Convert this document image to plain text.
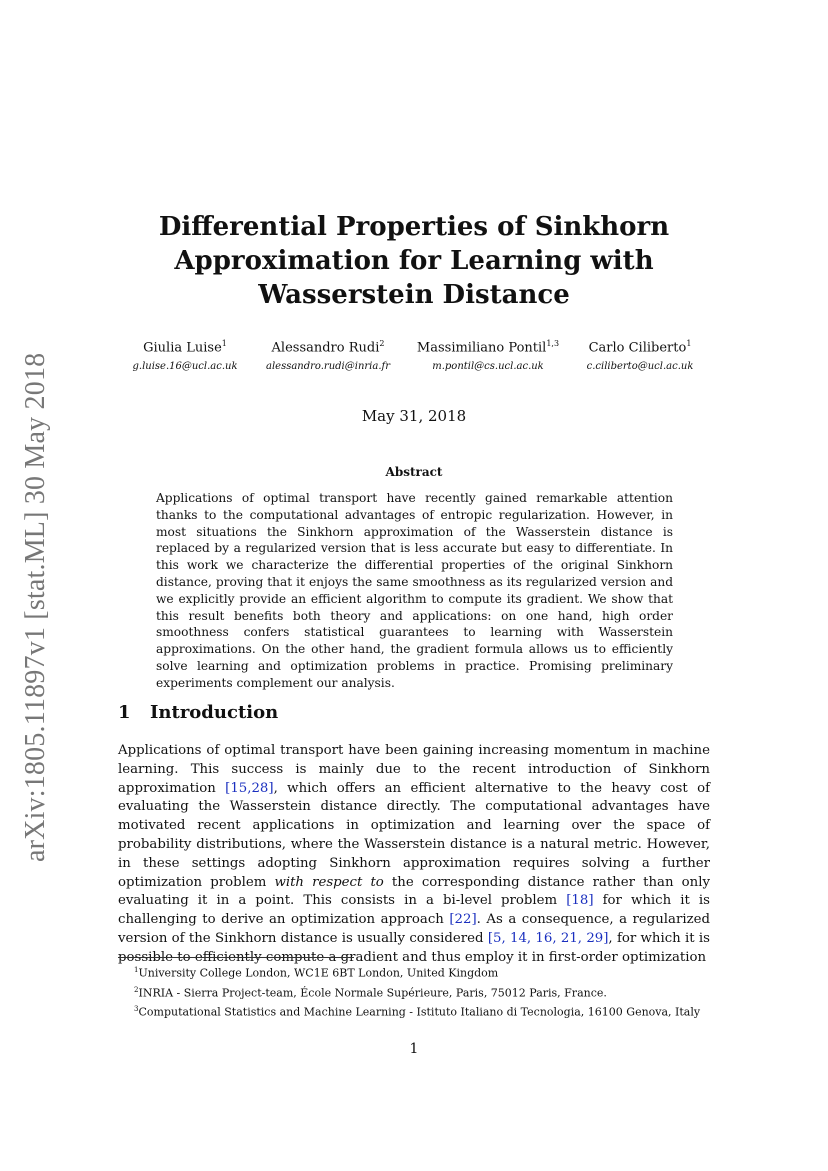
arXiv:1805.11897v1 [stat.ML] 30 May 2018
Differential Properties of Sinkhorn
Approximation for Learning with
Wasserstein Distance
Giulia Luise$^1$
g.luise.16@ucl.ac.uk
Alessandro Rudi$^2$
alessandro.rudi@inria.fr
Massimiliano Pontil$^{1,3}$
m.pontil@cs.ucl.ac.uk
Carlo Ciliberto$^1$
c.ciliberto@ucl.ac.uk
May 31, 2018
Abstract

Applications of optimal transport have recently gained remarkable attention thanks to the computational advantages of entropic regularization. However, in most situations the Sinkhorn approximation of the Wasserstein distance is replaced by a regularized version that is less accurate but easy to differentiate. In this work we characterize the differential properties of the original Sinkhorn distance, proving that it enjoys the same smoothness as its regularized version and we explicitly provide an efficient algorithm to compute its gradient. We show that this result benefits both theory and applications: on one hand, high order smoothness confers statistical guarantees to learning with Wasserstein approximations. On the other hand, the gradient formula allows us to efficiently solve learning and optimization problems in practice. Promising preliminary experiments complement our analysis.

1 Introduction

Applications of optimal transport have been gaining increasing momentum in machine learning. This success is mainly due to the recent introduction of Sinkhorn approximation [15,28], which offers an efficient alternative to the heavy cost of evaluating the Wasserstein distance directly. The computational advantages have motivated recent applications in optimization and learning over the space of probability distributions, where the Wasserstein distance is a natural metric. However, in these settings adopting Sinkhorn approximation requires solving a further optimization problem with respect to the corresponding distance rather than only evaluating it in a point. This consists in a bi-level problem [18] for which it is challenging to derive an optimization approach [22]. As a consequence, a regularized version of the Sinkhorn distance is usually considered [5, 14, 16, 21, 29], for which it is possible to efficiently compute a gradient and thus employ it in first-order optimization

$^1$University College London, WC1E 6BT London, United Kingdom
$^2$INRIA - Sierra Project-team, École Normale Supérieure, Paris, 75012 Paris, France.
$^3$Computational Statistics and Machine Learning - Istituto Italiano di Tecnologia, 16100 Genova, Italy
1
